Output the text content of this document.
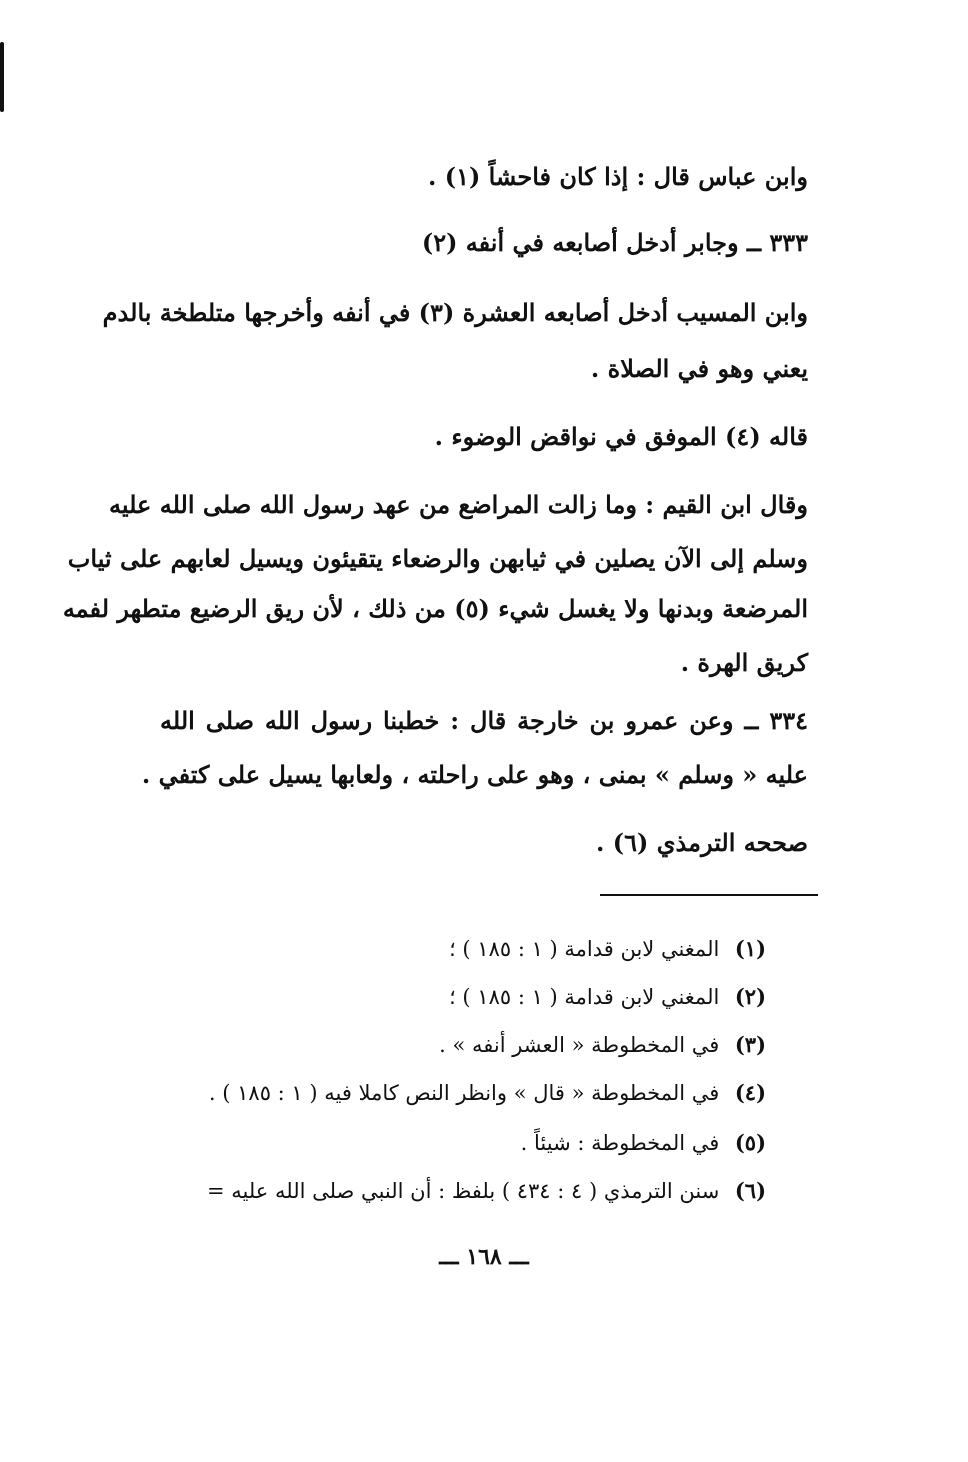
وابن عباس قال : إذا كان فاحشاً (١) .
٣٣٣ ــ وجابر أدخل أصابعه في أنفه (٢)
وابن المسيب أدخل أصابعه العشرة (٣) في أنفه وأخرجها متلطخة بالدم
يعني وهو في الصلاة .
قاله (٤) الموفق في نواقض الوضوء .
وقال ابن القيم : وما زالت المراضع من عهد رسول الله صلى الله عليه
وسلم إلى الآن يصلين في ثيابهن والرضعاء يتقيئون ويسيل لعابهم على ثياب
المرضعة وبدنها ولا يغسل شيء (٥) من ذلك ، لأن ريق الرضيع متطهر لفمه
كريق الهرة .
٣٣٤ ــ وعن عمرو بن خارجة قال : خطبنا رسول الله صلى الله
عليه « وسلم » بمنى ، وهو على راحلته ، ولعابها يسيل على كتفي .
صححه الترمذي (٦) .
(١) المغني لابن قدامة ( ١ : ١٨٥ ) ؛
(٢) المغني لابن قدامة ( ١ : ١٨٥ ) ؛
(٣) في المخطوطة « العشر أنفه » .
(٤) في المخطوطة « قال » وانظر النص كاملا فيه ( ١ : ١٨٥ ) .
(٥) في المخطوطة : شيئاً .
(٦) سنن الترمذي ( ٤ : ٤٣٤ ) بلفظ : أن النبي صلى الله عليه =
ـــ ١٦٨ ـــ
